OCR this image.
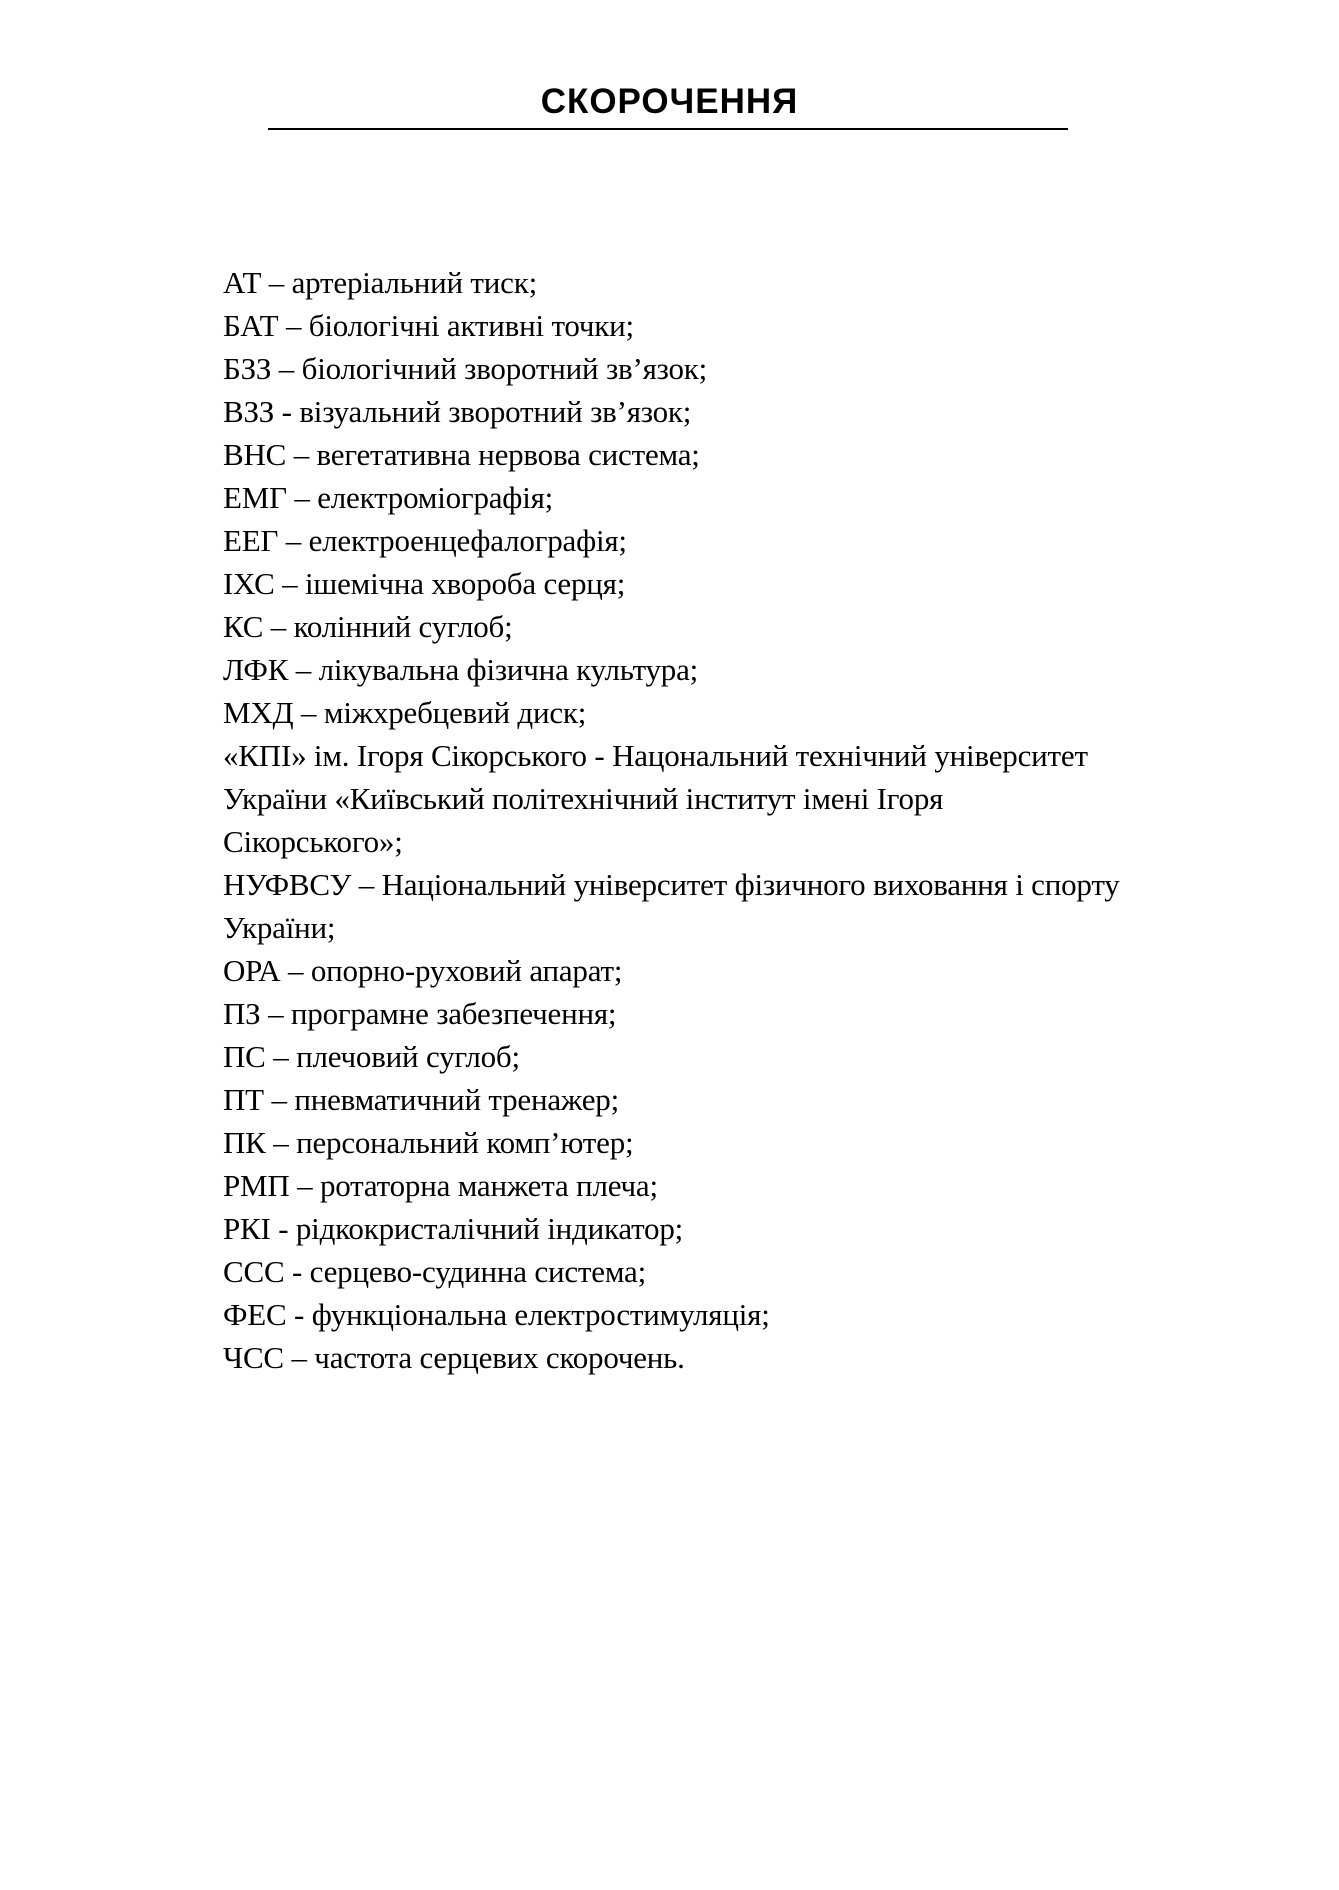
СКОРОЧЕННЯ
АТ – артеріальний тиск;
БАТ – біологічні активні точки;
БЗЗ – біологічний зворотний зв’язок;
ВЗЗ - візуальний зворотний зв’язок;
ВНС – вегетативна нервова система;
ЕМГ – електроміографія;
ЕЕГ – електроенцефалографія;
ІХС – ішемічна хвороба серця;
КС – колінний суглоб;
ЛФК – лікувальна фізична культура;
МХД – міжхребцевий диск;
«КПІ» ім. Ігоря Сікорського - Нацональний технічний університет
України «Київський політехнічний інститут імені Ігоря
Сікорського»;
НУФВСУ – Національний університет фізичного виховання і спорту
України;
ОРА – опорно-руховий апарат;
ПЗ – програмне забезпечення;
ПС – плечовий суглоб;
ПТ – пневматичний тренажер;
ПК – персональний комп’ютер;
РМП – ротаторна манжета плеча;
РКІ - рідкокристалічний індикатор;
ССС - серцево-судинна система;
ФЕС - функціональна електростимуляція;
ЧСС – частота серцевих скорочень.
